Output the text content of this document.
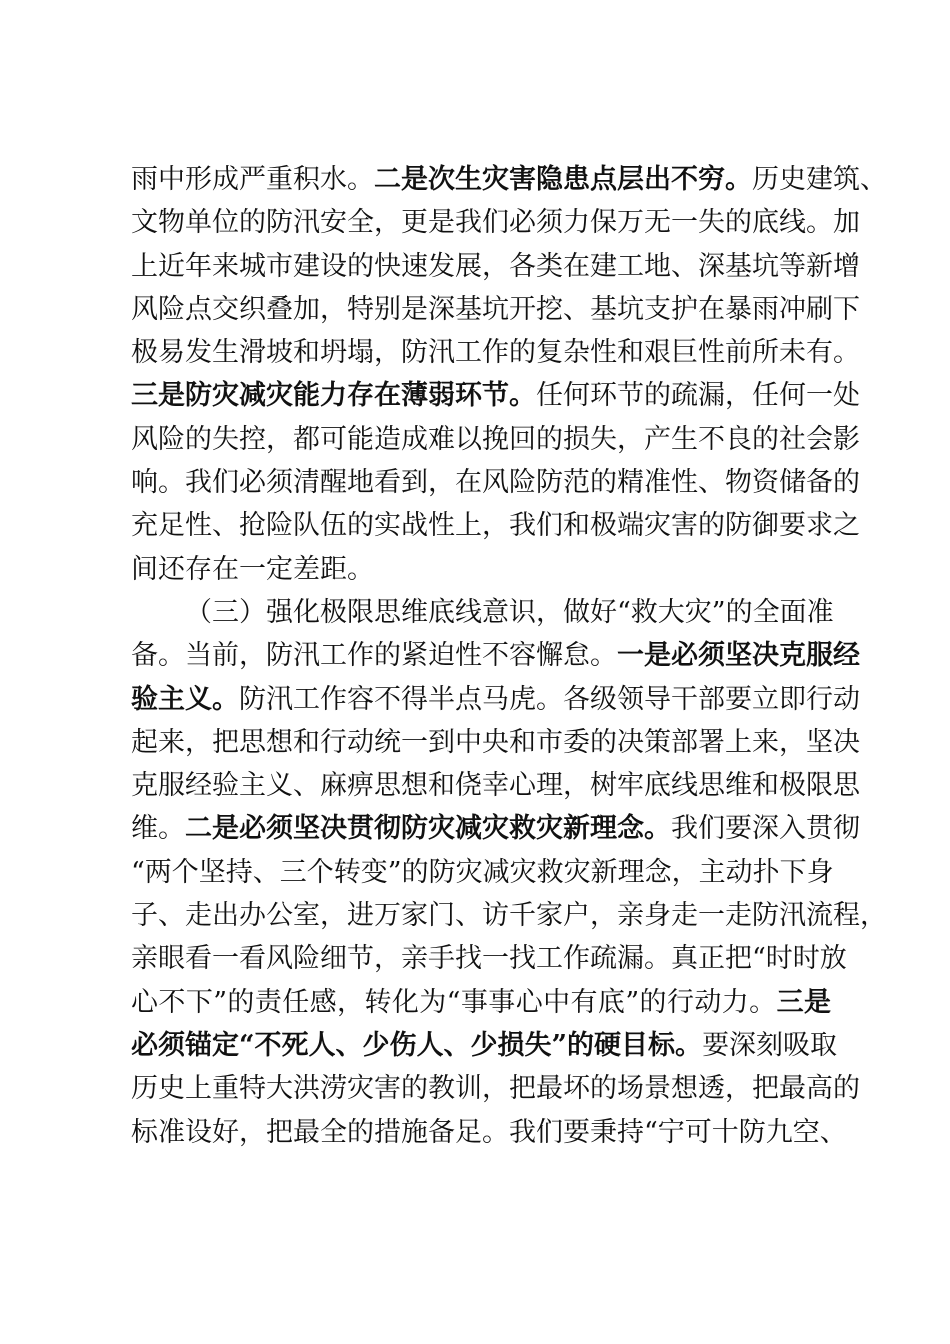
雨中形成严重积水。二是次生灾害隐患点层出不穷。历史建筑、
文物单位的防汛安全，更是我们必须力保万无一失的底线。加
上近年来城市建设的快速发展，各类在建工地、深基坑等新增
风险点交织叠加，特别是深基坑开挖、基坑支护在暴雨冲刷下
极易发生滑坡和坍塌，防汛工作的复杂性和艰巨性前所未有。
三是防灾减灾能力存在薄弱环节。任何环节的疏漏，任何一处
风险的失控，都可能造成难以挽回的损失，产生不良的社会影
响。我们必须清醒地看到，在风险防范的精准性、物资储备的
充足性、抢险队伍的实战性上，我们和极端灾害的防御要求之
间还存在一定差距。
（三）强化极限思维底线意识，做好“救大灾”的全面准
备。当前，防汛工作的紧迫性不容懈怠。一是必须坚决克服经
验主义。防汛工作容不得半点马虎。各级领导干部要立即行动
起来，把思想和行动统一到中央和市委的决策部署上来，坚决
克服经验主义、麻痹思想和侥幸心理，树牢底线思维和极限思
维。二是必须坚决贯彻防灾减灾救灾新理念。我们要深入贯彻
“两个坚持、三个转变”的防灾减灾救灾新理念，主动扑下身
子、走出办公室，进万家门、访千家户，亲身走一走防汛流程，
亲眼看一看风险细节，亲手找一找工作疏漏。真正把“时时放
心不下”的责任感，转化为“事事心中有底”的行动力。三是
必须锚定“不死人、少伤人、少损失”的硬目标。要深刻吸取
历史上重特大洪涝灾害的教训，把最坏的场景想透，把最高的
标准设好，把最全的措施备足。我们要秉持“宁可十防九空、
